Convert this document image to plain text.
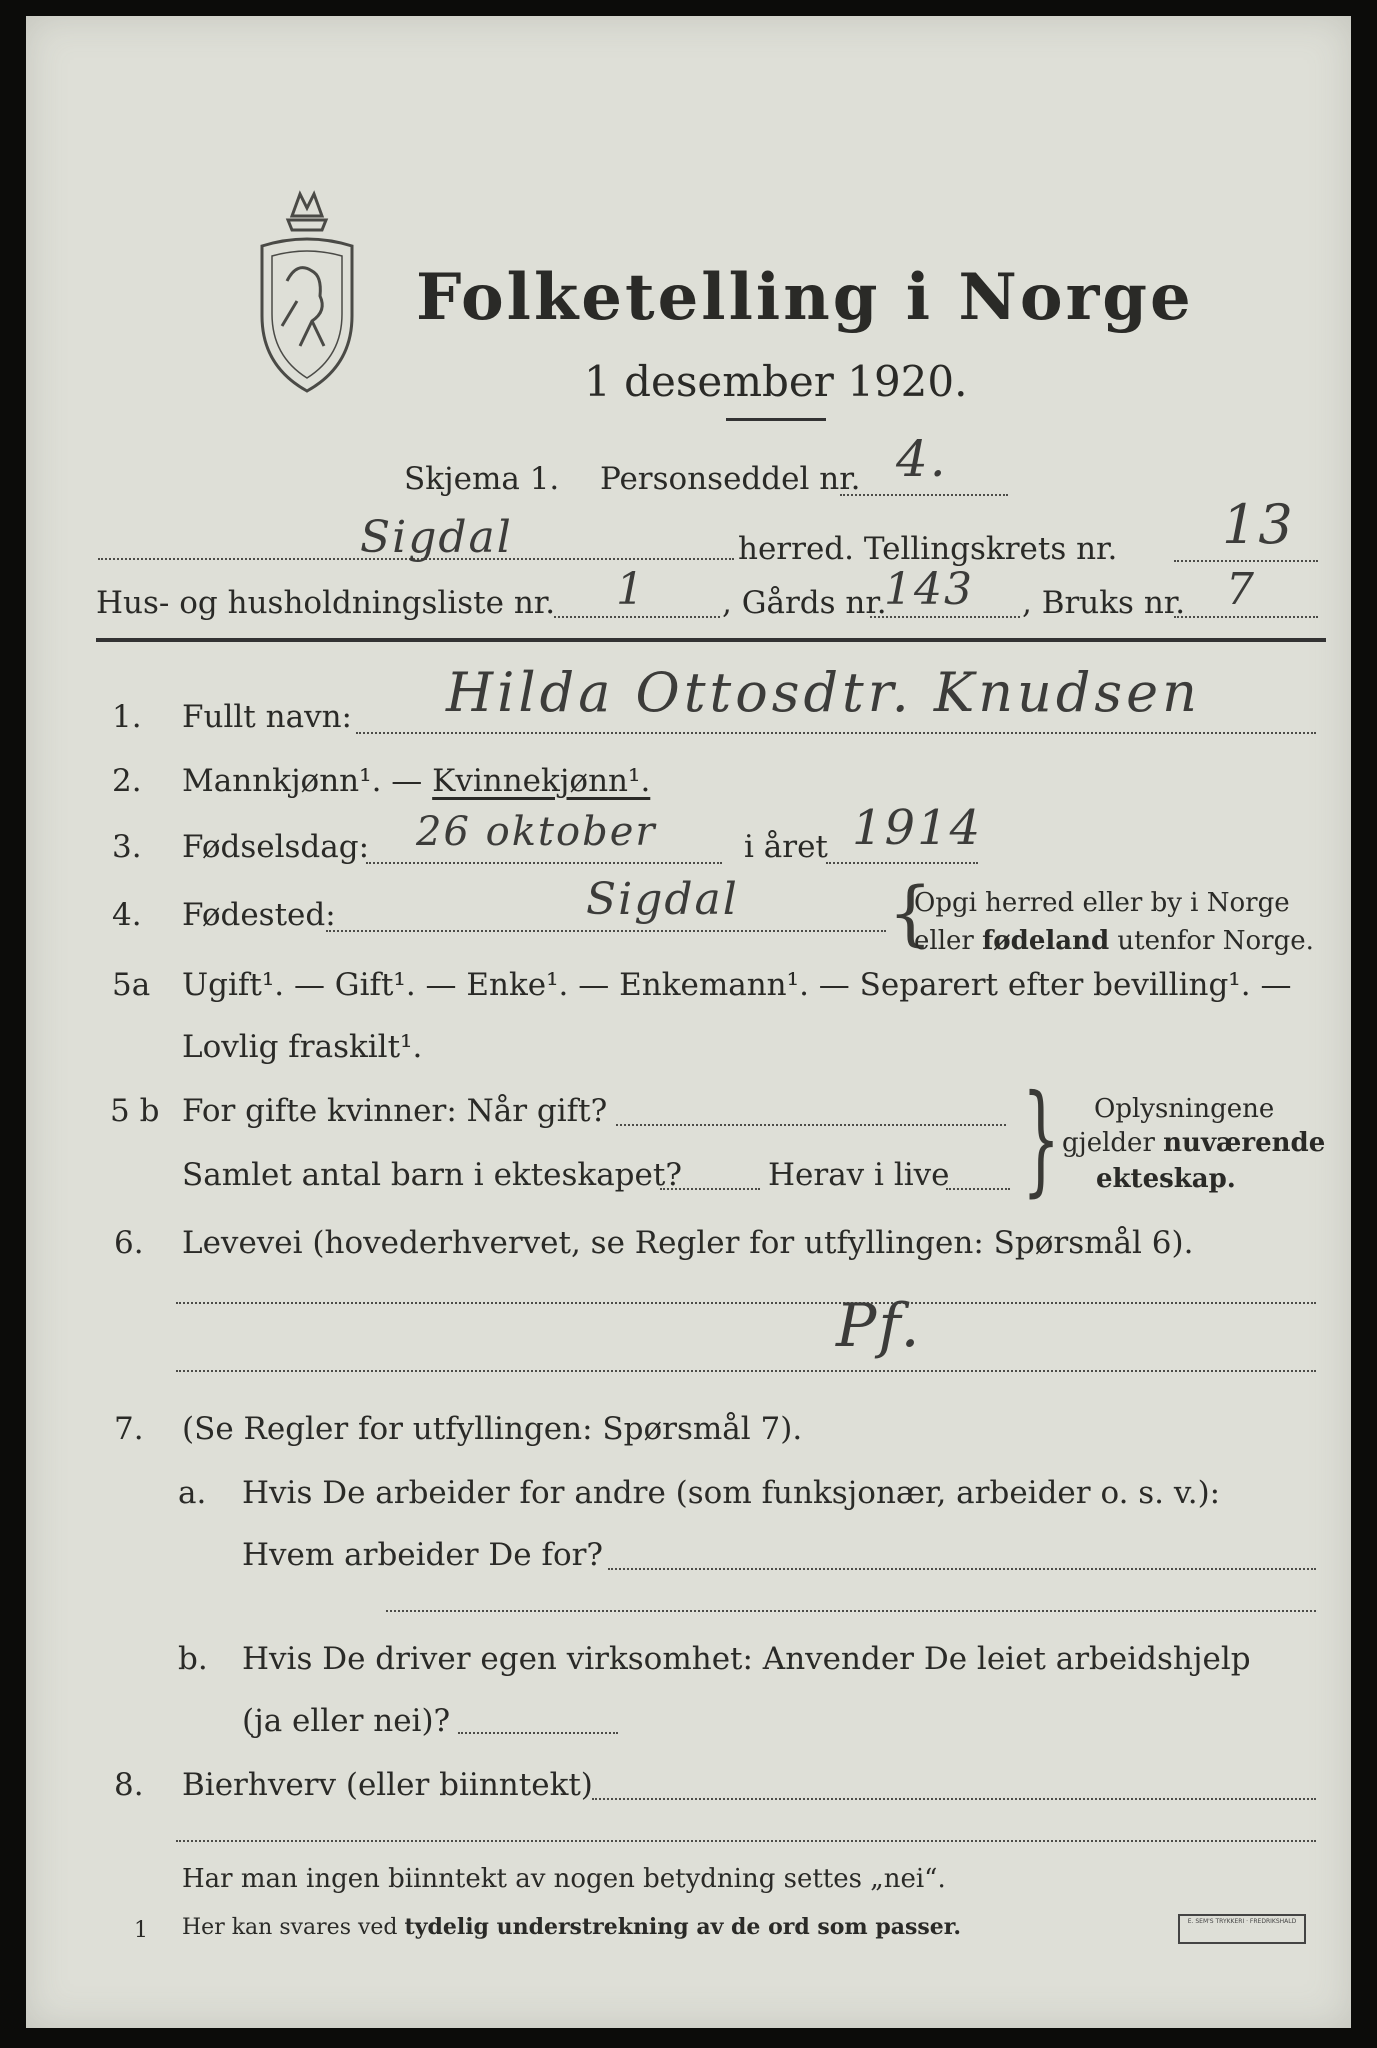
Folketelling i Norge
1 desember 1920.
Skjema 1. Personseddel nr. 4.
Sigdal	herred. Tellingskrets nr. 13
Hus- og husholdningsliste nr. 1 , Gårds nr.
143 , Bruks nr. 7
1. Fullt navn: Hilda Ottosdtr. Knudsen
2. Mannkjønn¹. — Kvinnekjønn¹.
3. Fødselsdag: 26 oktober	i året 1914
4. Fødested:	Sigdal {
Opgi herred eller by i Norge
eller fødeland utenfor Norge.
5a Ugift¹. — Gift¹. — Enke¹. — Enkemann¹. — Separert efter bevilling¹. —
Lovlig fraskilt¹.
5 b For gifte kvinner: Når gift?
Samlet antal barn i ekteskapet?	Herav i live } Oplysningene
gjelder nuværende
ekteskap.
6. Levevei (hovederhvervet, se Regler for utfyllingen: Spørsmål 6).
Pf.
7. (Se Regler for utfyllingen: Spørsmål 7).
a. Hvis De arbeider for andre (som funksjonær, arbeider o. s. v.):
Hvem arbeider De for?
b. Hvis De driver egen virksomhet: Anvender De leiet arbeidshjelp
(ja eller nei)?
8. Bierhverv (eller biinntekt)
Har man ingen biinntekt av nogen betydning settes „nei“.
1 Her kan svares ved tydelig understrekning av de ord som passer.	E. SEM'S TRYKKERI · FREDRIKSHALD
